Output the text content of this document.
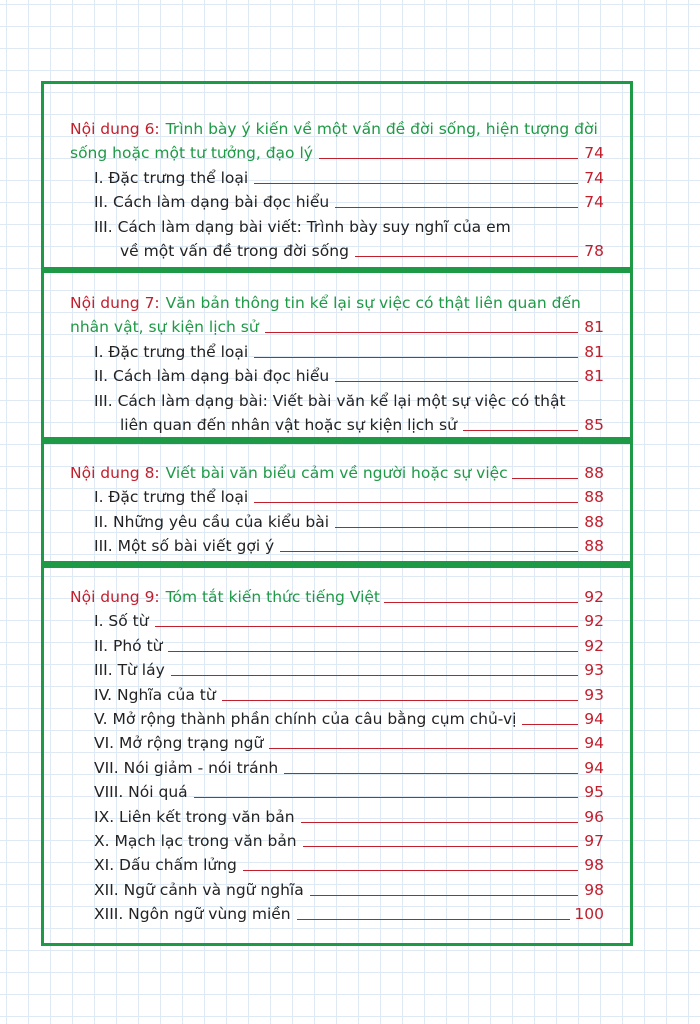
Nội dung 6: Trình bày ý kiến về một vấn đề đời sống, hiện tượng đời
sống hoặc một tư tưởng, đạo lý	74
I. Đặc trưng thể loại	74
II. Cách làm dạng bài đọc hiểu	74
III. Cách làm dạng bài viết: Trình bày suy nghĩ của em
về một vấn đề trong đời sống	78
Nội dung 7: Văn bản thông tin kể lại sự việc có thật liên quan đến
nhân vật, sự kiện lịch sử	81
I. Đặc trưng thể loại	81
II. Cách làm dạng bài đọc hiểu	81
III. Cách làm dạng bài: Viết bài văn kể lại một sự việc có thật
liên quan đến nhân vật hoặc sự kiện lịch sử	85
Nội dung 8: Viết bài văn biểu cảm về người hoặc sự việc	88
I. Đặc trưng thể loại	88
II. Những yêu cầu của kiểu bài	88
III. Một số bài viết gợi ý	88
Nội dung 9: Tóm tắt kiến thức tiếng Việt	92
I. Số từ	92
II. Phó từ	92
III. Từ láy	93
IV. Nghĩa của từ	93
V. Mở rộng thành phần chính của câu bằng cụm chủ-vị	94
VI. Mở rộng trạng ngữ	94
VII. Nói giảm - nói tránh	94
VIII. Nói quá	95
IX. Liên kết trong văn bản	96
X. Mạch lạc trong văn bản	97
XI. Dấu chấm lửng	98
XII. Ngữ cảnh và ngữ nghĩa	98
XIII. Ngôn ngữ vùng miền	100
